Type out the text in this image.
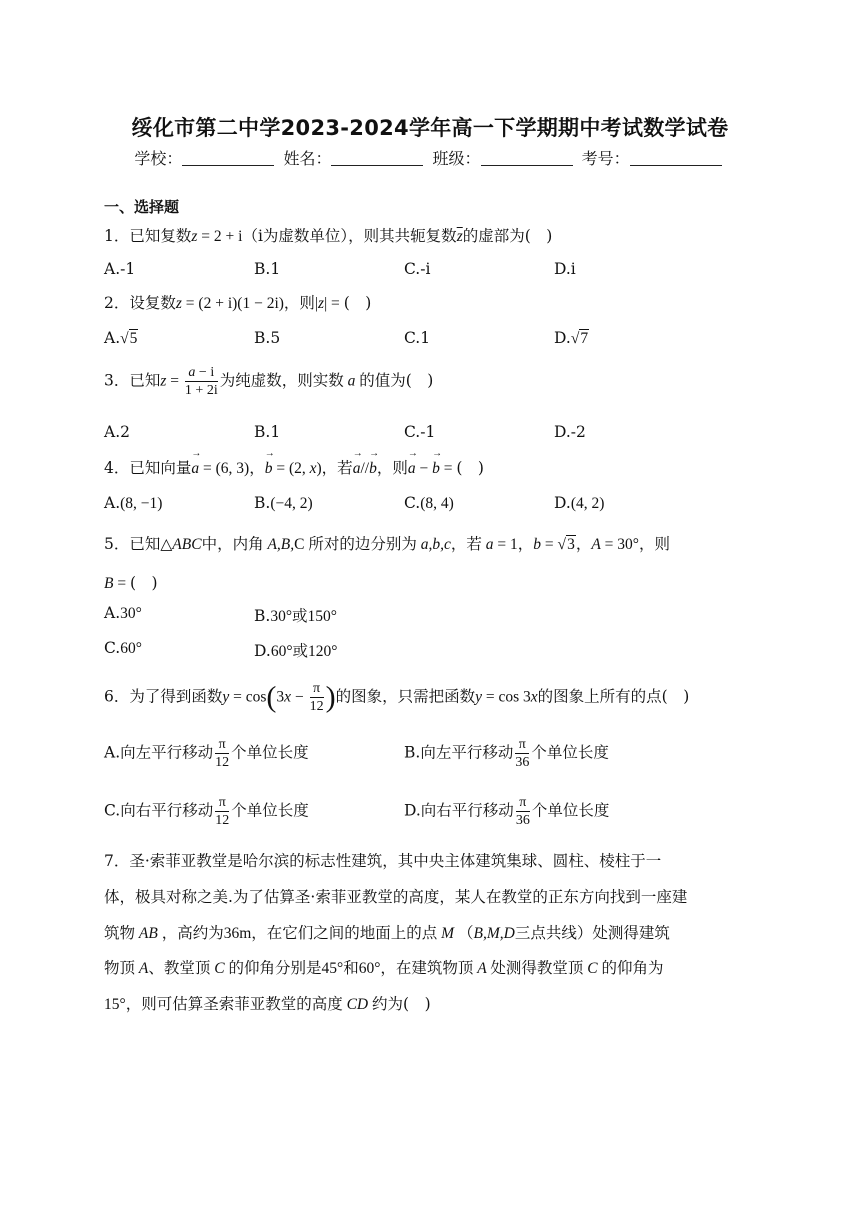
绥化市第二中学2023-2024学年高一下学期期中考试数学试卷
学校：	姓名：	班级：	考号：
一、选择题
1．已知复数z = 2 + i（i为虚数单位），则其共轭复数$\overline{z}$的虚部为(　)
A.-1	B.1	C.-i	D.i
2．设复数z = (2 + i)(1 − 2i)，则|z| = (　)
A.√5	B.5	C.1	D.√7
3．已知$z = \frac{a - i}{1 + 2i}$ 为纯虚数，则实数 a 的值为(　)
A.2	B.1	C.-1	D.-2
4．已知向量→ a = (6, 3)，→ b = (2, x)，若→ a//→ b，则→ a − → b = (　)
A.(8, −1)	B.(−4, 2)	C.(8, 4)	D.(4, 2)
5．已知△ABC中，内角 A,B,C 所对的边分别为 a,b,c，若 a = 1，b = √3，A = 30°，则
B = (　)
A.30°	B.30°或150°
C.60°	D.60°或120°
6．为了得到函数$y = \cos(3x - \frac{\pi}{12}$ )的图象，只需把函数y = cos 3x的图象上所有的点(　)
A.向左平行移动 $\frac{\pi}{12}$ 个单位长度	B.向左平行移动 $\frac{\pi}{36}$ 个单位长度
C.向右平行移动 $\frac{\pi}{12}$ 个单位长度	D.向右平行移动 $\frac{\pi}{36}$ 个单位长度
7．圣·索菲亚教堂是哈尔滨的标志性建筑，其中央主体建筑集球、圆柱、棱柱于一
体，极具对称之美.为了估算圣·索菲亚教堂的高度，某人在教堂的正东方向找到一座建
筑物 AB ，高约为36m，在它们之间的地面上的点 M （B,M,D三点共线）处测得建筑
物顶 A、教堂顶 C 的仰角分别是45°和60°，在建筑物顶 A 处测得教堂顶 C 的仰角为
15°，则可估算圣索菲亚教堂的高度 CD 约为(　)
